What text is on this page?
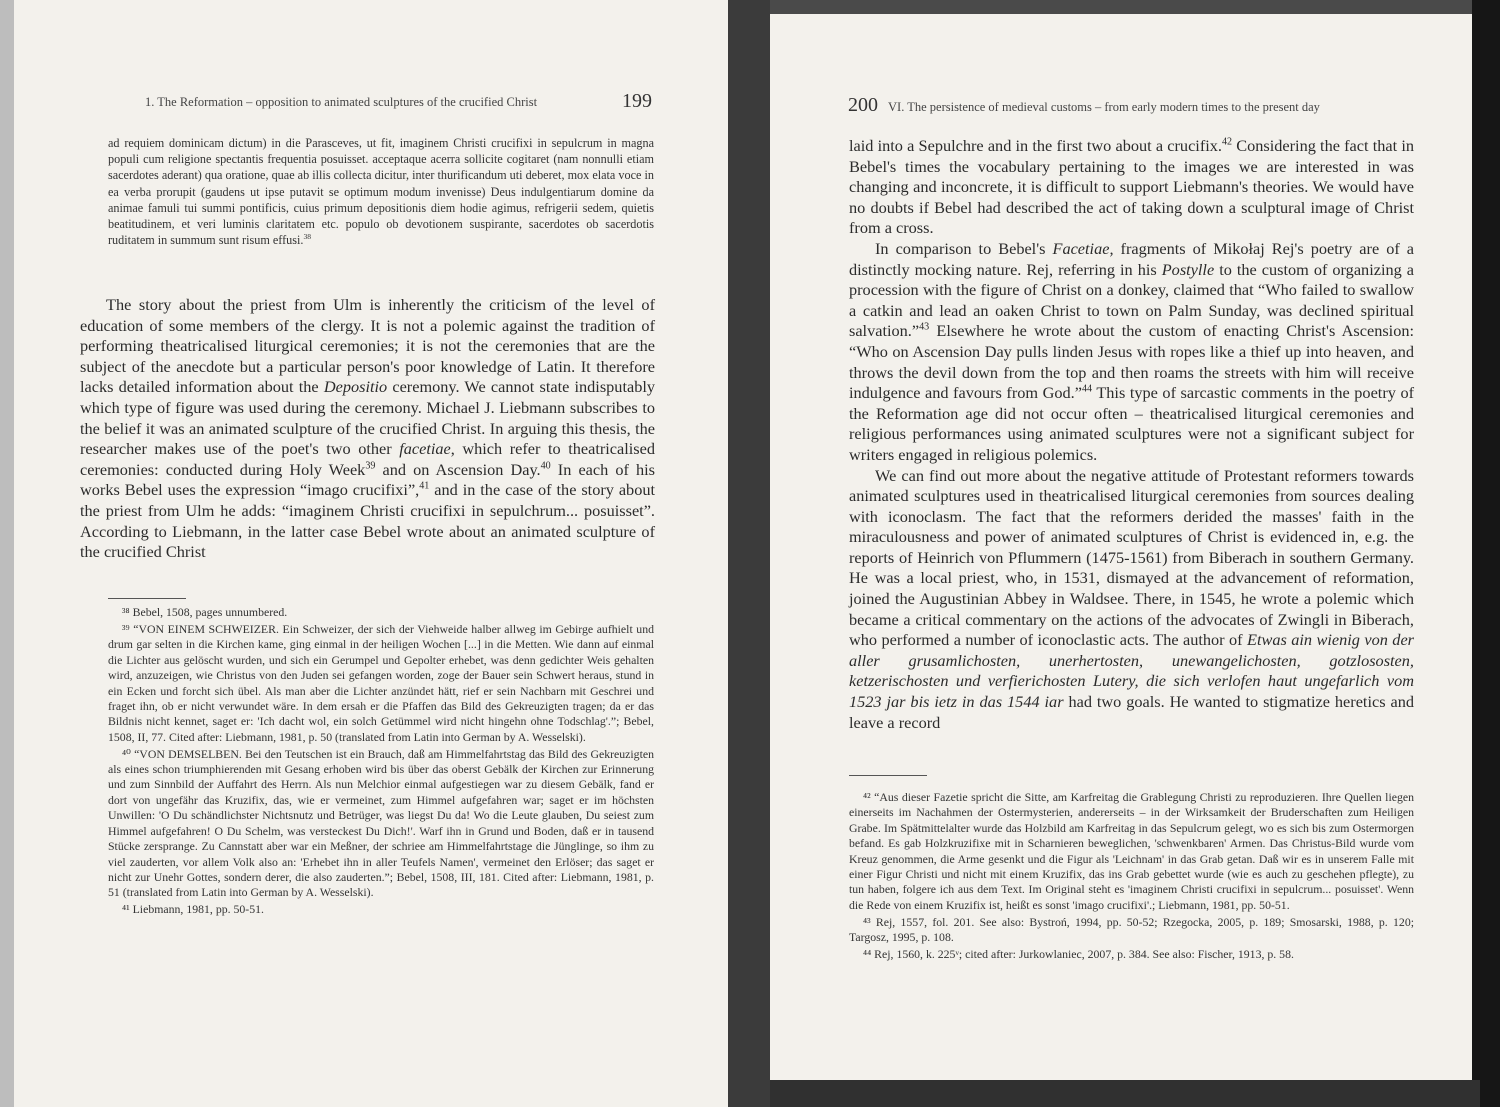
1. The Reformation – opposition to animated sculptures of the crucified Christ	199
ad requiem dominicam dictum) in die Parasceves, ut fit, imaginem Christi crucifixi in sepulcrum in magna populi cum religione spectantis frequentia posuisset. acceptaque acerra sollicite cogitaret (nam nonnulli etiam sacerdotes aderant) qua oratione, quae ab illis collecta dicitur, inter thurificandum uti deberet, mox elata voce in ea verba prorupit (gaudens ut ipse putavit se optimum modum invenisse) Deus indulgentiarum domine da animae famuli tui summi pontificis, cuius primum depositionis diem hodie agimus, refrigerii sedem, quietis beatitudinem, et veri luminis claritatem etc. populo ob devotionem suspirante, sacerdotes ob sacerdotis ruditatem in summum sunt risum effusi.$^{38}$

The story about the priest from Ulm is inherently the criticism of the level of education of some members of the clergy. It is not a polemic against the tradition of performing theatricalised liturgical ceremonies; it is not the ceremonies that are the subject of the anecdote but a particular person's poor knowledge of Latin. It therefore lacks detailed information about the Depositio ceremony. We cannot state indisputably which type of figure was used during the ceremony. Michael J. Liebmann subscribes to the belief it was an animated sculpture of the crucified Christ. In arguing this thesis, the researcher makes use of the poet's two other facetiae, which refer to theatricalised ceremonies: conducted during Holy Week$^{39}$ and on Ascension Day.$^{40}$ In each of his works Bebel uses the expression “imago crucifixi”,$^{41}$ and in the case of the story about the priest from Ulm he adds: “imaginem Christi crucifixi in sepulchrum... posuisset”. According to Liebmann, in the latter case Bebel wrote about an animated sculpture of the crucified Christ

³⁸ Bebel, 1508, pages unnumbered.

³⁹ “VON EINEM SCHWEIZER. Ein Schweizer, der sich der Viehweide halber allweg im Gebirge aufhielt und drum gar selten in die Kirchen kame, ging einmal in der heiligen Wochen [...] in die Metten. Wie dann auf einmal die Lichter aus gelöscht wurden, und sich ein Gerumpel und Gepolter erhebet, was denn gedichter Weis gehalten wird, anzuzeigen, wie Christus von den Juden sei gefangen worden, zoge der Bauer sein Schwert heraus, stund in ein Ecken und forcht sich übel. Als man aber die Lichter anzündet hätt, rief er sein Nachbarn mit Geschrei und fraget ihn, ob er nicht verwundet wäre. In dem ersah er die Pfaffen das Bild des Gekreuzigten tragen; da er das Bildnis nicht kennet, saget er: 'Ich dacht wol, ein solch Getümmel wird nicht hingehn ohne Todschlag'.”; Bebel, 1508, II, 77. Cited after: Liebmann, 1981, p. 50 (translated from Latin into German by A. Wesselski).

⁴⁰ “VON DEMSELBEN. Bei den Teutschen ist ein Brauch, daß am Himmelfahrtstag das Bild des Gekreuzigten als eines schon triumphierenden mit Gesang erhoben wird bis über das oberst Gebälk der Kirchen zur Erinnerung und zum Sinnbild der Auffahrt des Herrn. Als nun Melchior einmal aufgestiegen war zu diesem Gebälk, fand er dort von ungefähr das Kruzifix, das, wie er vermeinet, zum Himmel aufgefahren war; saget er im höchsten Unwillen: 'O Du schändlichster Nichtsnutz und Betrüger, was liegst Du da! Wo die Leute glauben, Du seiest zum Himmel aufgefahren! O Du Schelm, was versteckest Du Dich!'. Warf ihn in Grund und Boden, daß er in tausend Stücke zersprange. Zu Cannstatt aber war ein Meßner, der schriee am Himmelfahrtstage die Jünglinge, so ihm zu viel zauderten, vor allem Volk also an: 'Erhebet ihn in aller Teufels Namen', vermeinet den Erlöser; das saget er nicht zur Unehr Gottes, sondern derer, die also zauderten.”; Bebel, 1508, III, 181. Cited after: Liebmann, 1981, p. 51 (translated from Latin into German by A. Wesselski).

⁴¹ Liebmann, 1981, pp. 50-51.

200 VI. The persistence of medieval customs – from early modern times to the present day

laid into a Sepulchre and in the first two about a crucifix.$^{42}$ Considering the fact that in Bebel's times the vocabulary pertaining to the images we are interested in was changing and inconcrete, it is difficult to support Liebmann's theories. We would have no doubts if Bebel had described the act of taking down a sculptural image of Christ from a cross.

In comparison to Bebel's Facetiae, fragments of Mikołaj Rej's poetry are of a distinctly mocking nature. Rej, referring in his Postylle to the custom of organizing a procession with the figure of Christ on a donkey, claimed that “Who failed to swallow a catkin and lead an oaken Christ to town on Palm Sunday, was declined spiritual salvation.”$^{43}$ Elsewhere he wrote about the custom of enacting Christ's Ascension: “Who on Ascension Day pulls linden Jesus with ropes like a thief up into heaven, and throws the devil down from the top and then roams the streets with him will receive indulgence and favours from God.”$^{44}$ This type of sarcastic comments in the poetry of the Reformation age did not occur often – theatricalised liturgical ceremonies and religious performances using animated sculptures were not a significant subject for writers engaged in religious polemics.

We can find out more about the negative attitude of Protestant reformers towards animated sculptures used in theatricalised liturgical ceremonies from sources dealing with iconoclasm. The fact that the reformers derided the masses' faith in the miraculousness and power of animated sculptures of Christ is evidenced in, e.g. the reports of Heinrich von Pflummern (1475-1561) from Biberach in southern Germany. He was a local priest, who, in 1531, dismayed at the advancement of reformation, joined the Augustinian Abbey in Waldsee. There, in 1545, he wrote a polemic which became a critical commentary on the actions of the advocates of Zwingli in Biberach, who performed a number of iconoclastic acts. The author of Etwas ain wienig von der aller grusamlichosten, unerhertosten, unewangelichosten, gotzlososten, ketzerischosten und verfierichosten Lutery, die sich verlofen haut ungefarlich vom 1523 jar bis ietz in das 1544 iar had two goals. He wanted to stigmatize heretics and leave a record

⁴² “Aus dieser Fazetie spricht die Sitte, am Karfreitag die Grablegung Christi zu reproduzieren. Ihre Quellen liegen einerseits im Nachahmen der Ostermysterien, andererseits – in der Wirksamkeit der Bruderschaften zum Heiligen Grabe. Im Spätmittelalter wurde das Holzbild am Karfreitag in das Sepulcrum gelegt, wo es sich bis zum Ostermorgen befand. Es gab Holzkruzifixe mit in Scharnieren beweglichen, 'schwenkbaren' Armen. Das Christus-Bild wurde vom Kreuz genommen, die Arme gesenkt und die Figur als 'Leichnam' in das Grab getan. Daß wir es in unserem Falle mit einer Figur Christi und nicht mit einem Kruzifix, das ins Grab gebettet wurde (wie es auch zu geschehen pflegte), zu tun haben, folgere ich aus dem Text. Im Original steht es 'imaginem Christi crucifixi in sepulcrum... posuisset'. Wenn die Rede von einem Kruzifix ist, heißt es sonst 'imago crucifixi'.; Liebmann, 1981, pp. 50-51.

⁴³ Rej, 1557, fol. 201. See also: Bystroń, 1994, pp. 50-52; Rzegocka, 2005, p. 189; Smosarski, 1988, p. 120; Targosz, 1995, p. 108.

⁴⁴ Rej, 1560, k. 225ᵛ; cited after: Jurkowlaniec, 2007, p. 384. See also: Fischer, 1913, p. 58.
